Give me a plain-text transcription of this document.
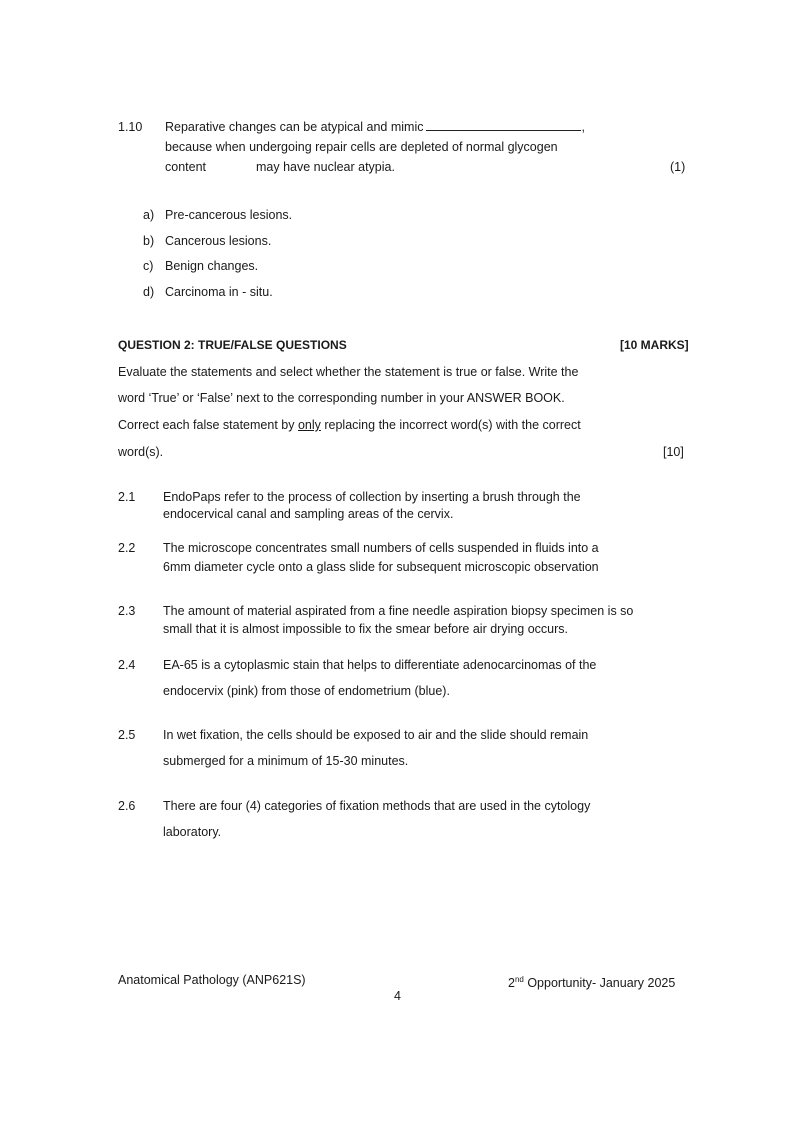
1.10 Reparative changes can be atypical and mimic	,
because when undergoing repair cells are depleted of normal glycogen
content	may have nuclear atypia.	(1)
a) Pre-cancerous lesions.
b) Cancerous lesions.
c) Benign changes.
d) Carcinoma in - situ.
QUESTION 2: TRUE/FALSE QUESTIONS	[10 MARKS]
Evaluate the statements and select whether the statement is true or false. Write the
word ‘True’ or ‘False’ next to the corresponding number in your ANSWER BOOK.
Correct each false statement by only replacing the incorrect word(s) with the correct
word(s).	[10]
2.1 EndoPaps refer to the process of collection by inserting a brush through the
endocervical canal and sampling areas of the cervix.
2.2 The microscope concentrates small numbers of cells suspended in fluids into a
6mm diameter cycle onto a glass slide for subsequent microscopic observation
2.3 The amount of material aspirated from a fine needle aspiration biopsy specimen is so
small that it is almost impossible to fix the smear before air drying occurs.
2.4 EA-65 is a cytoplasmic stain that helps to differentiate adenocarcinomas of the
endocervix (pink) from those of endometrium (blue).
2.5 In wet fixation, the cells should be exposed to air and the slide should remain
submerged for a minimum of 15-30 minutes.
2.6 There are four (4) categories of fixation methods that are used in the cytology
laboratory.
Anatomical Pathology (ANP621S)	2nd Opportunity- January 2025
4
